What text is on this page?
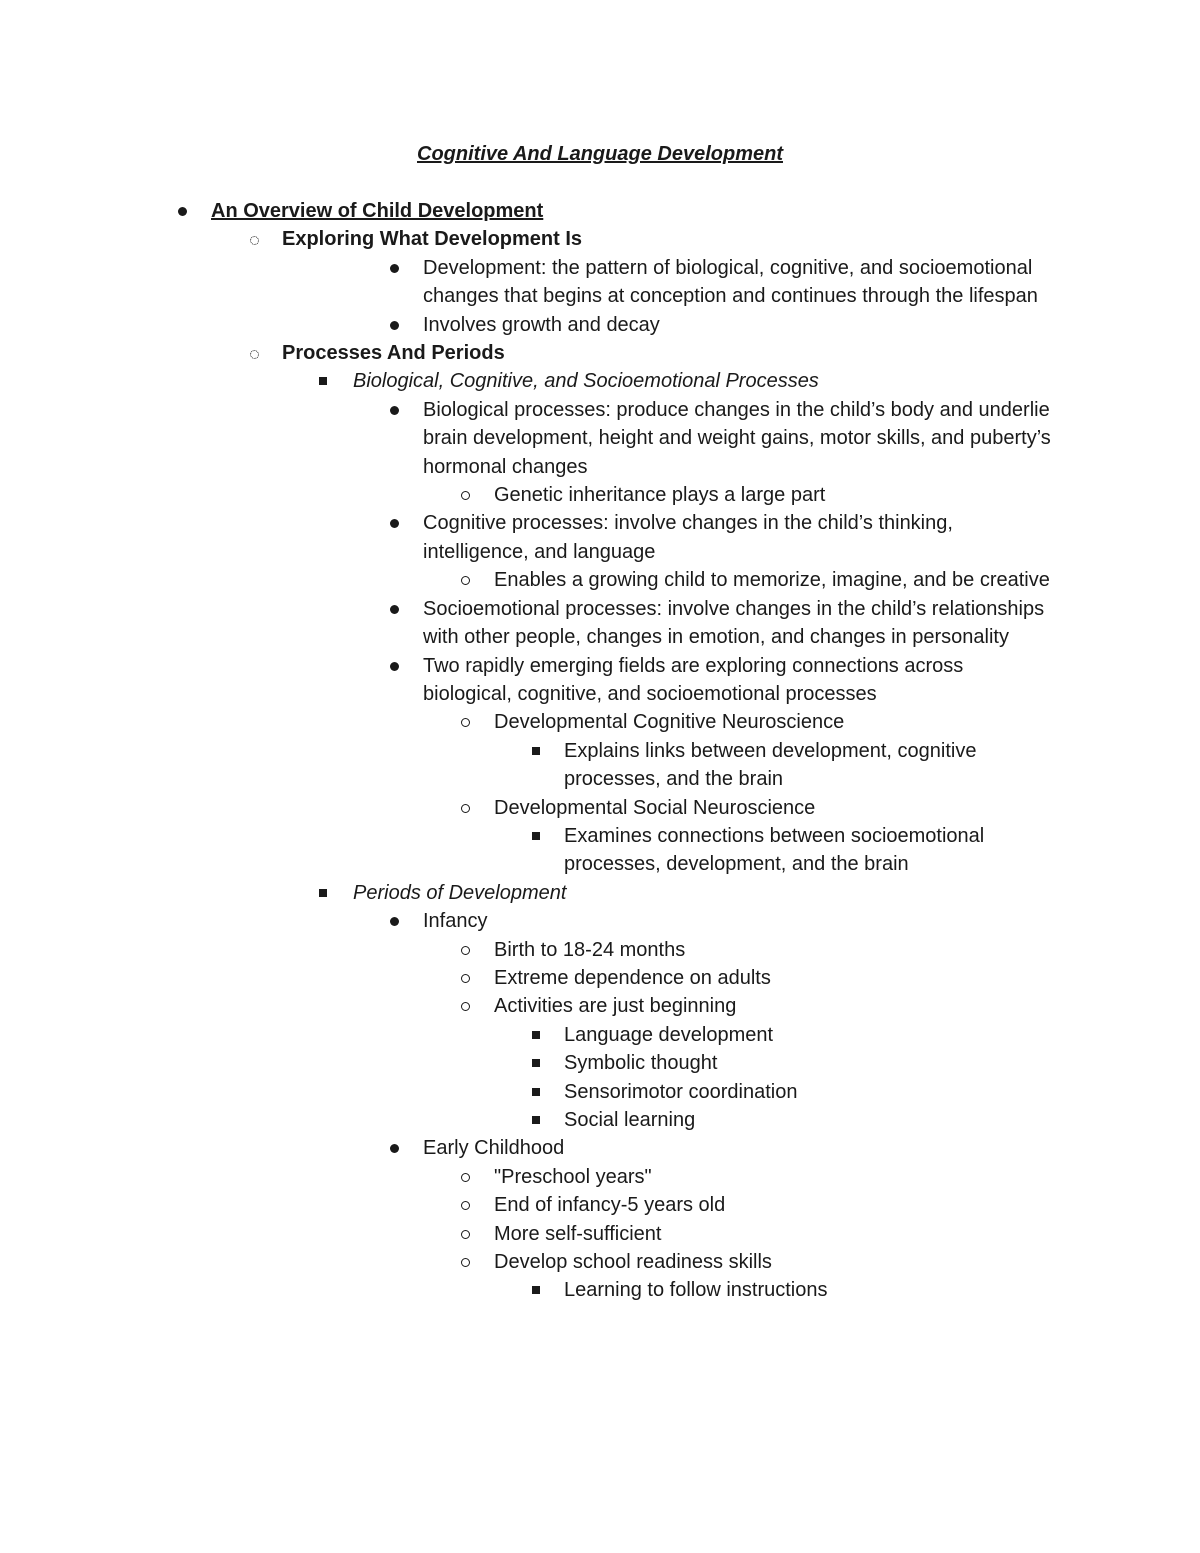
Cognitive And Language Development
An Overview of Child Development
Exploring What Development Is
Development: the pattern of biological, cognitive, and socioemotional changes that begins at conception and continues through the lifespan
Involves growth and decay
Processes And Periods
Biological, Cognitive, and Socioemotional Processes
Biological processes: produce changes in the child’s body and underlie brain development, height and weight gains, motor skills, and puberty’s hormonal changes
Genetic inheritance plays a large part
Cognitive processes: involve changes in the child’s thinking, intelligence, and language
Enables a growing child to memorize, imagine, and be creative
Socioemotional processes: involve changes in the child’s relationships with other people, changes in emotion, and changes in personality
Two rapidly emerging fields are exploring connections across biological, cognitive, and socioemotional processes
Developmental Cognitive Neuroscience
Explains links between development, cognitive processes, and the brain
Developmental Social Neuroscience
Examines connections between socioemotional processes, development, and the brain
Periods of Development
Infancy
Birth to 18-24 months
Extreme dependence on adults
Activities are just beginning
Language development
Symbolic thought
Sensorimotor coordination
Social learning
Early Childhood
"Preschool years"
End of infancy-5 years old
More self-sufficient
Develop school readiness skills
Learning to follow instructions
